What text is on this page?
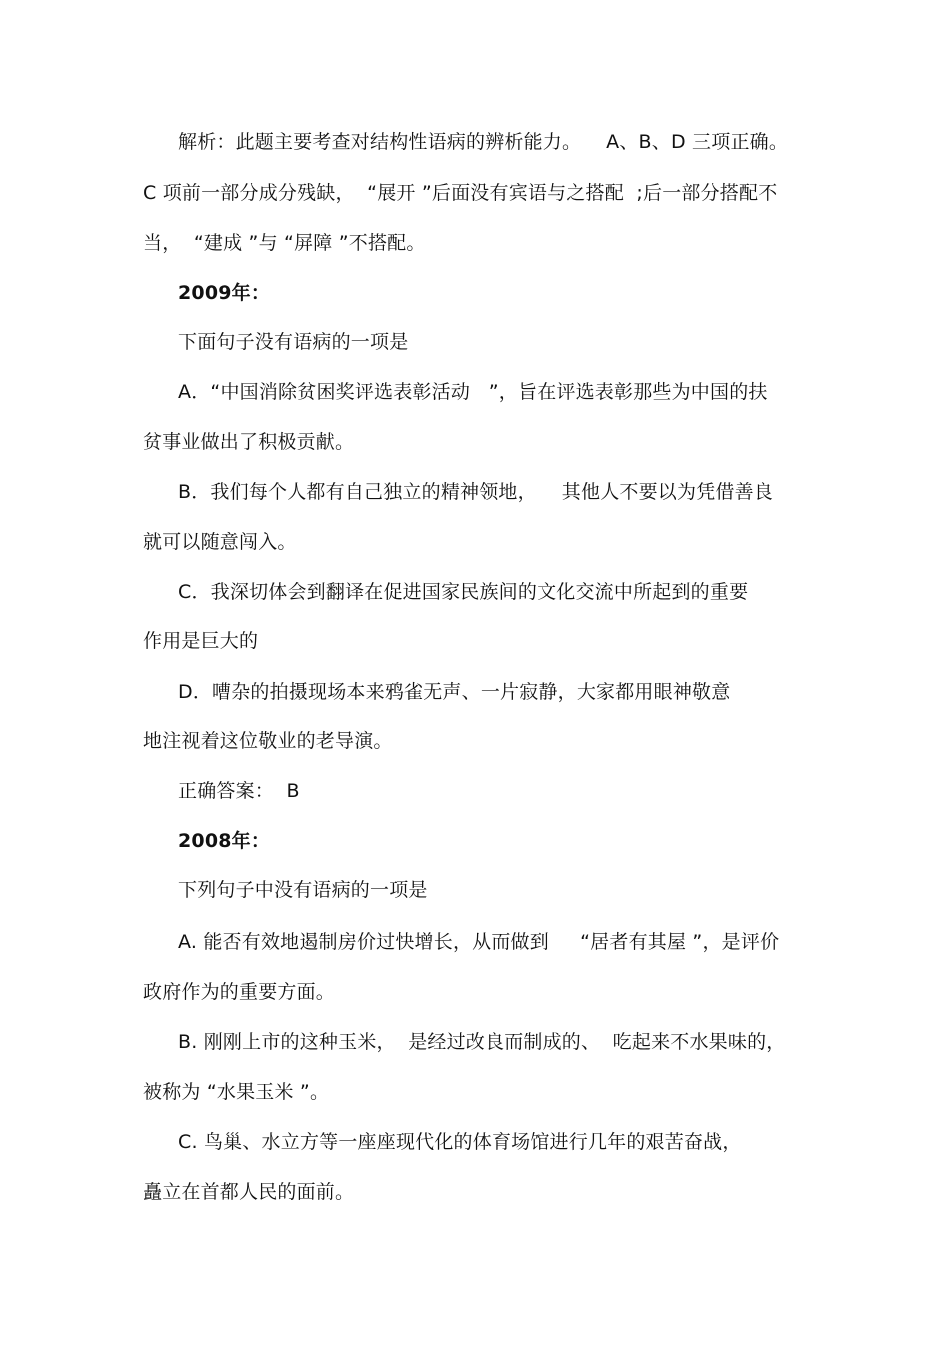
解析：此题主要考查对结构性语病的辨析能力。    A、B、D 三项正确。
C 项前一部分成分残缺，  “展开 ”后面没有宾语与之搭配  ;后一部分搭配不
当，  “建成 ”与 “屏障 ”不搭配。
2009年：
下面句子没有语病的一项是
A．“中国消除贫困奖评选表彰活动   ”，旨在评选表彰那些为中国的扶
贫事业做出了积极贡献。
B．我们每个人都有自己独立的精神领地，    其他人不要以为凭借善良
就可以随意闯入。
C．我深切体会到翻译在促进国家民族间的文化交流中所起到的重要
作用是巨大的
D．嘈杂的拍摄现场本来鸦雀无声、一片寂静，大家都用眼神敬意
地注视着这位敬业的老导演。
正确答案：  B
2008年：
下列句子中没有语病的一项是
A. 能否有效地遏制房价过快增长，从而做到     “居者有其屋 ”，是评价
政府作为的重要方面。
B. 刚刚上市的这种玉米，  是经过改良而制成的、  吃起来不水果味的，
被称为 “水果玉米 ”。
C. 鸟巢、水立方等一座座现代化的体育场馆进行几年的艰苦奋战，
矗立在首都人民的面前。
